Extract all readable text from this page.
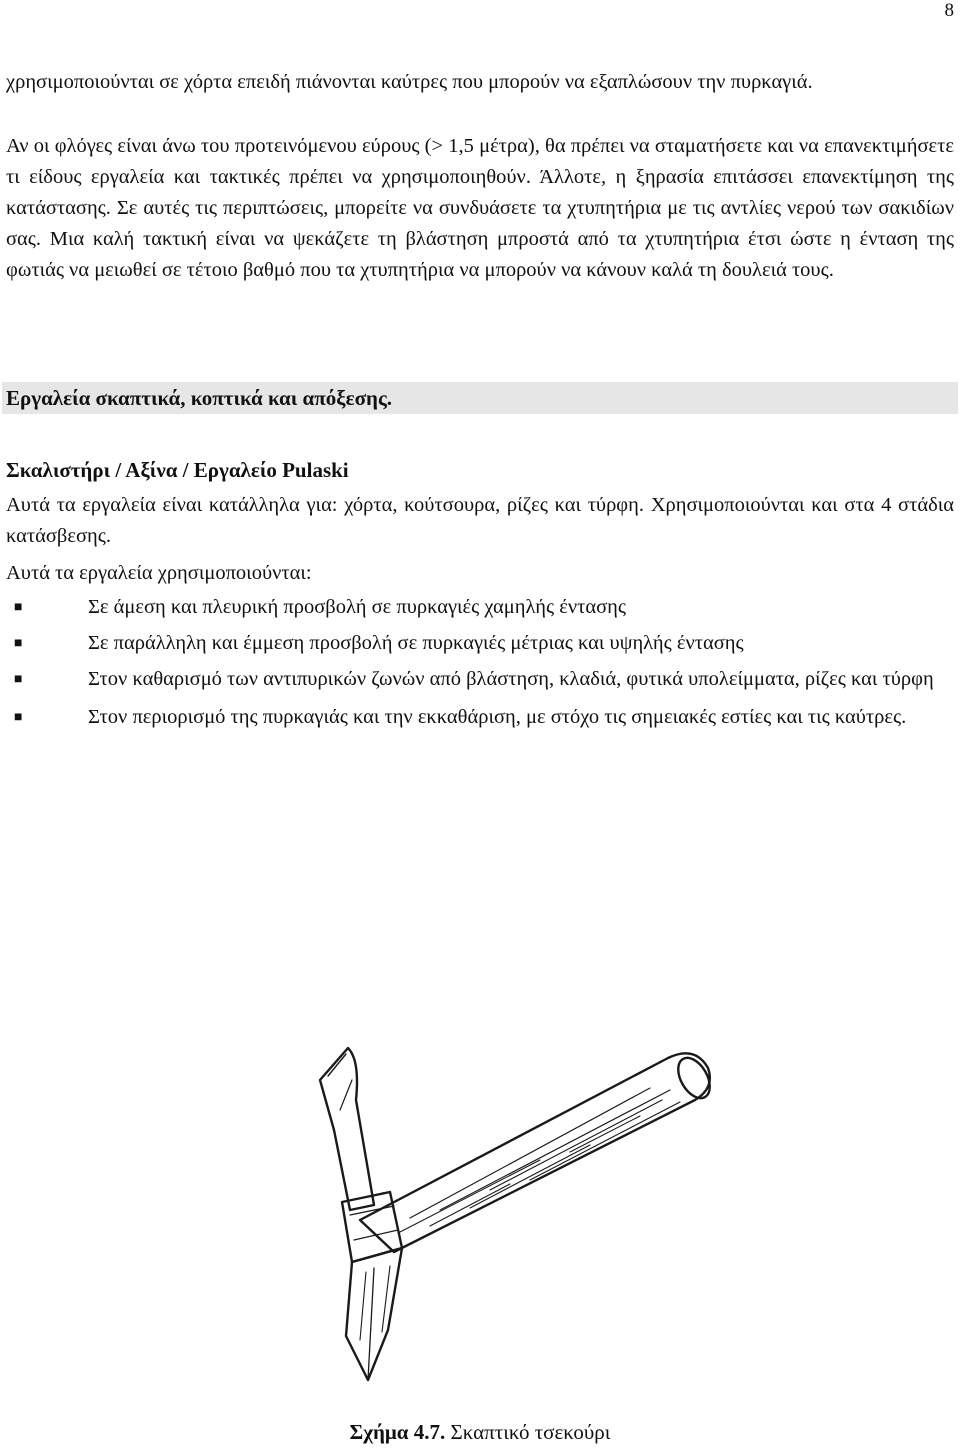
8

χρησιμοποιούνται σε χόρτα επειδή πιάνονται καύτρες που μπορούν να εξαπλώσουν την πυρκαγιά.

Αν οι φλόγες είναι άνω του προτεινόμενου εύρους (> 1,5 μέτρα), θα πρέπει να σταματήσετε και να επανεκτιμήσετε τι είδους εργαλεία και τακτικές πρέπει να χρησιμοποιηθούν. Άλλοτε, η ξηρασία επιτάσσει επανεκτίμηση της κατάστασης. Σε αυτές τις περιπτώσεις, μπορείτε να συνδυάσετε τα χτυπητήρια με τις αντλίες νερού των σακιδίων σας. Μια καλή τακτική είναι να ψεκάζετε τη βλάστηση μπροστά από τα χτυπητήρια έτσι ώστε η ένταση της φωτιάς να μειωθεί σε τέτοιο βαθμό που τα χτυπητήρια να μπορούν να κάνουν καλά τη δουλειά τους.

Εργαλεία σκαπτικά, κοπτικά και απόξεσης.
Σκαλιστήρι / Αξίνα / Εργαλείο Pulaski

Αυτά τα εργαλεία είναι κατάλληλα για: χόρτα, κούτσουρα, ρίζες και τύρφη. Χρησιμοποιούνται και στα 4 στάδια κατάσβεσης.

Αυτά τα εργαλεία χρησιμοποιούνται:

■	Σε άμεση και πλευρική προσβολή σε πυρκαγιές χαμηλής έντασης
■	Σε παράλληλη και έμμεση προσβολή σε πυρκαγιές μέτριας και υψηλής έντασης
■	Στον καθαρισμό των αντιπυρικών ζωνών από βλάστηση, κλαδιά, φυτικά υπολείμματα, ρίζες και τύρφη
■	Στον περιορισμό της πυρκαγιάς και την εκκαθάριση, με στόχο τις σημειακές εστίες και τις καύτρες.
Σχήμα 4.7. Σκαπτικό τσεκούρι
